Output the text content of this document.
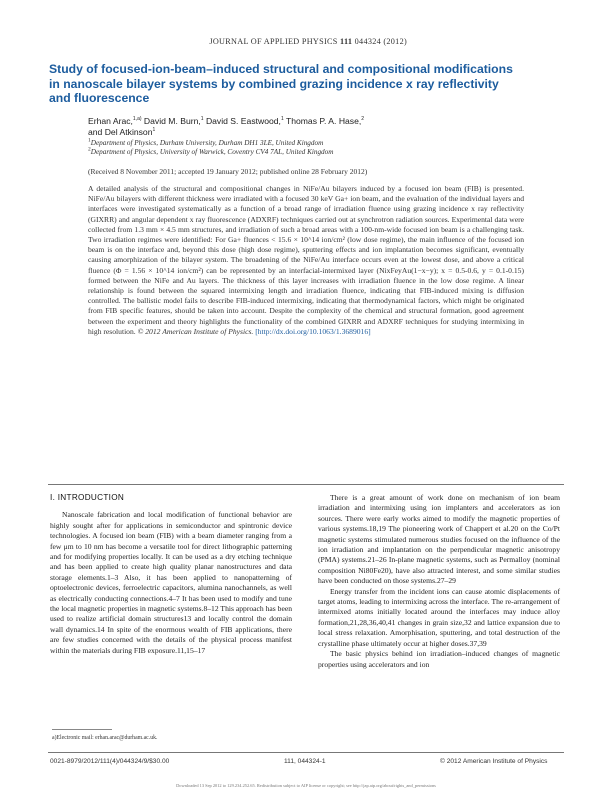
JOURNAL OF APPLIED PHYSICS 111 044324 (2012)
Study of focused-ion-beam–induced structural and compositional modifications in nanoscale bilayer systems by combined grazing incidence x ray reflectivity and fluorescence
Erhan Arac,$^{1,a)}$ David M. Burn,$^1$ David S. Eastwood,$^1$ Thomas P. A. Hase,$^2$
and Del Atkinson$^1$
$^1$Department of Physics, Durham University, Durham DH1 3LE, United Kingdom
$^2$Department of Physics, University of Warwick, Coventry CV4 7AL, United Kingdom
(Received 8 November 2011; accepted 19 January 2012; published online 28 February 2012)
A detailed analysis of the structural and compositional changes in NiFe/Au bilayers induced by a focused ion beam (FIB) is presented. NiFe/Au bilayers with different thickness were irradiated with a focused 30 keV Ga+ ion beam, and the evaluation of the individual layers and interfaces were investigated systematically as a function of a broad range of irradiation fluence using grazing incidence x ray reflectivity (GIXRR) and angular dependent x ray fluorescence (ADXRF) techniques carried out at synchrotron radiation sources. Experimental data were collected from 1.3 mm × 4.5 mm structures, and irradiation of such a broad areas with a 100-nm-wide focused ion beam is a challenging task. Two irradiation regimes were identified: For Ga+ fluences < 15.6 × 10^14 ion/cm² (low dose regime), the main influence of the focused ion beam is on the interface and, beyond this dose (high dose regime), sputtering effects and ion implantation becomes significant, eventually causing amorphization of the bilayer system. The broadening of the NiFe/Au interface occurs even at the lowest dose, and above a critical fluence (Φ = 1.56 × 10^14 ion/cm²) can be represented by an interfacial-intermixed layer (NixFeyAu(1−x−y); x = 0.5-0.6, y = 0.1-0.15) formed between the NiFe and Au layers. The thickness of this layer increases with irradiation fluence in the low dose regime. A linear relationship is found between the squared intermixing length and irradiation fluence, indicating that FIB-induced mixing is diffusion controlled. The ballistic model fails to describe FIB-induced intermixing, indicating that thermodynamical factors, which might be originated from FIB specific features, should be taken into account. Despite the complexity of the chemical and structural formation, good agreement between the experiment and theory highlights the functionality of the combined GIXRR and ADXRF techniques for studying intermixing in high resolution. © 2012 American Institute of Physics. [http://dx.doi.org/10.1063/1.3689016]
I. INTRODUCTION

Nanoscale fabrication and local modification of functional behavior are highly sought after for applications in semiconductor and spintronic device technologies. A focused ion beam (FIB) with a beam diameter ranging from a few μm to 10 nm has become a versatile tool for direct lithographic patterning and for modifying properties locally. It can be used as a dry etching technique and has been applied to create high quality planar nanostructures and data storage elements.1–3 Also, it has been applied to nanopatterning of optoelectronic devices, ferroelectric capacitors, alumina nanochannels, as well as electrically conducting connections.4–7 It has been used to modify and tune the local magnetic properties in magnetic systems.8–12 This approach has been used to realize artificial domain structures13 and locally control the domain wall dynamics.14 In spite of the enormous wealth of FIB applications, there are few studies concerned with the details of the physical process manifest within the materials during FIB exposure.11,15–17

There is a great amount of work done on mechanism of ion beam irradiation and intermixing using ion implanters and accelerators as ion sources. There were early works aimed to modify the magnetic properties of various systems.18,19 The pioneering work of Chappert et al.20 on the Co/Pt magnetic systems stimulated numerous studies focused on the influence of the ion irradiation and implantation on the perpendicular magnetic anisotropy (PMA) systems.21–26 In-plane magnetic systems, such as Permalloy (nominal composition Ni80Fe20), have also attracted interest, and some similar studies have been conducted on those systems.27–29

Energy transfer from the incident ions can cause atomic displacements of target atoms, leading to intermixing across the interface. The re-arrangement of intermixed atoms initially located around the interfaces may induce alloy formation,21,28,36,40,41 changes in grain size,32 and lattice expansion due to local stress relaxation. Amorphisation, sputtering, and total destruction of the crystalline phase ultimately occur at higher doses.37,39

The basic physics behind ion irradiation–induced changes of magnetic properties using accelerators and ion

a)Electronic mail: erhan.arac@durham.ac.uk.
0021-8979/2012/111(4)/044324/9/$30.00	111, 044324-1	© 2012 American Institute of Physics
Downloaded 13 Sep 2012 to 129.234.252.65. Redistribution subject to AIP license or copyright; see http://jap.aip.org/about/rights_and_permissions
